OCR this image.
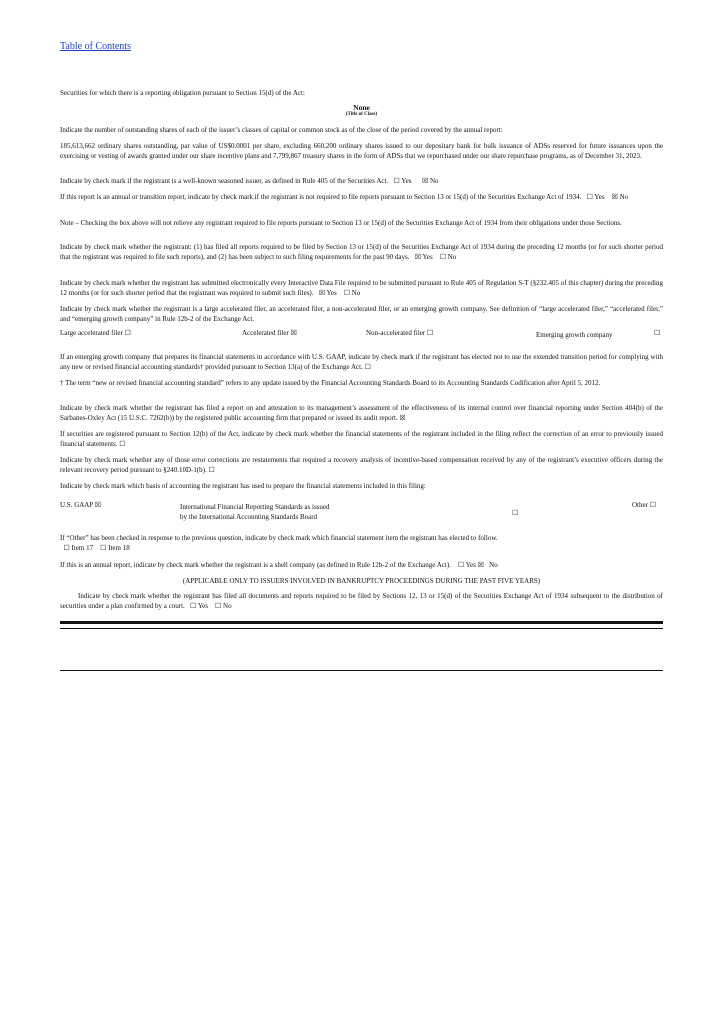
Table of Contents
Securities for which there is a reporting obligation pursuant to Section 15(d) of the Act:
None
(Title of Class)
Indicate the number of outstanding shares of each of the issuer’s classes of capital or common stock as of the close of the period covered by the annual report:
185,613,662 ordinary shares outstanding, par value of US$0.0001 per share, excluding 660,200 ordinary shares issued to our depositary bank for bulk issuance of ADSs reserved for future issuances upon the exercising or vesting of awards granted under our share incentive plans and 7,799,867 treasury shares in the form of ADSs that we repurchased under our share repurchase programs, as of December 31, 2023.
Indicate by check mark if the registrant is a well-known seasoned issuer, as defined in Rule 405 of the Securities Act. ☐ Yes ☒ No
If this report is an annual or transition report, indicate by check mark if the registrant is not required to file reports pursuant to Section 13 or 15(d) of the Securities Exchange Act of 1934. ☐ Yes ☒ No
Note – Checking the box above will not relieve any registrant required to file reports pursuant to Section 13 or 15(d) of the Securities Exchange Act of 1934 from their obligations under those Sections.
Indicate by check mark whether the registrant: (1) has filed all reports required to be filed by Section 13 or 15(d) of the Securities Exchange Act of 1934 during the preceding 12 months (or for such shorter period that the registrant was required to file such reports), and (2) has been subject to such filing requirements for the past 90 days. ☒ Yes ☐ No
Indicate by check mark whether the registrant has submitted electronically every Interactive Data File required to be submitted pursuant to Rule 405 of Regulation S-T (§232.405 of this chapter) during the preceding 12 months (or for such shorter period that the registrant was required to submit such files). ☒ Yes ☐ No
Indicate by check mark whether the registrant is a large accelerated filer, an accelerated filer, a non-accelerated filer, or an emerging growth company. See definition of “large accelerated filer,” “accelerated filer,” and “emerging growth company” in Rule 12b-2 of the Exchange Act.
Large accelerated filer ☐	Accelerated filer ☒	Non-accelerated filer ☐	Emerging growth company	☐
If an emerging growth company that prepares its financial statements in accordance with U.S. GAAP, indicate by check mark if the registrant has elected not to use the extended transition period for complying with any new or revised financial accounting standards† provided pursuant to Section 13(a) of the Exchange Act. ☐
† The term “new or revised financial accounting standard” refers to any update issued by the Financial Accounting Standards Board to its Accounting Standards Codification after April 5, 2012.
Indicate by check mark whether the registrant has filed a report on and attestation to its management’s assessment of the effectiveness of its internal control over financial reporting under Section 404(b) of the Sarbanes-Oxley Act (15 U.S.C. 7262(b)) by the registered public accounting firm that prepared or issued its audit report. ☒
If securities are registered pursuant to Section 12(b) of the Act, indicate by check mark whether the financial statements of the registrant included in the filing reflect the correction of an error to previously issued financial statements. ☐
Indicate by check mark whether any of those error corrections are restatements that required a recovery analysis of incentive-based compensation received by any of the registrant’s executive officers during the relevant recovery period pursuant to §240.10D-1(b). ☐
Indicate by check mark which basis of accounting the registrant has used to prepare the financial statements included in this filing:
U.S. GAAP ☒	International Financial Reporting Standards as issued
by the International Accounting Standards Board	☐
Other ☐
If “Other” has been checked in response to the previous question, indicate by check mark which financial statement item the registrant has elected to follow.
☐ Item 17 ☐ Item 18
If this is an annual report, indicate by check mark whether the registrant is a shell company (as defined in Rule 12b-2 of the Exchange Act). ☐ Yes ☒ No
(APPLICABLE ONLY TO ISSUERS INVOLVED IN BANKRUPTCY PROCEEDINGS DURING THE PAST FIVE YEARS)
Indicate by check mark whether the registrant has filed all documents and reports required to be filed by Sections 12, 13 or 15(d) of the Securities Exchange Act of 1934 subsequent to the distribution of securities under a plan confirmed by a court. ☐ Yes ☐ No
